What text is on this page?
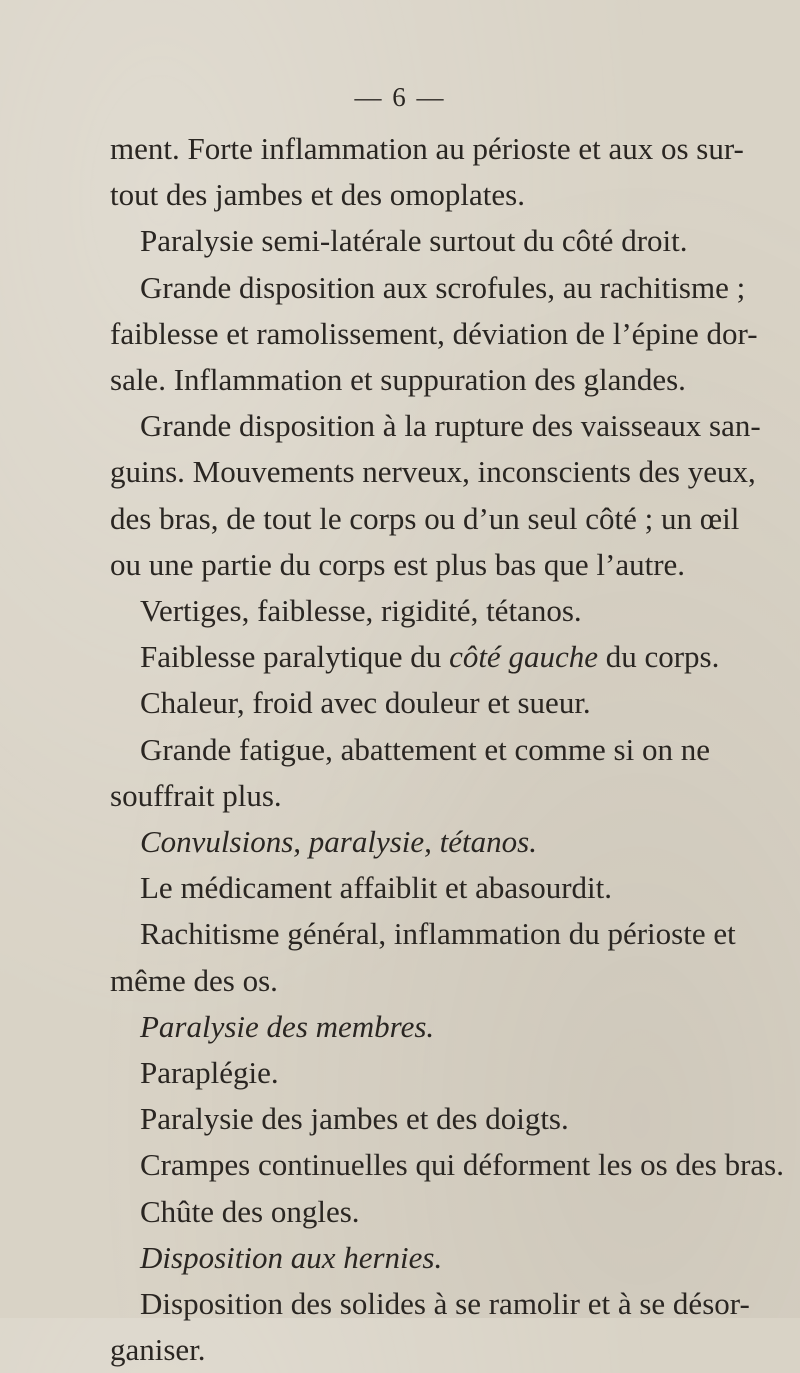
— 6 —
ment. Forte inflammation au périoste et aux os sur-
tout des jambes et des omoplates.
Paralysie semi-latérale surtout du côté droit.
Grande disposition aux scrofules, au rachitisme ;
faiblesse et ramolissement, déviation de l’épine dor-
sale. Inflammation et suppuration des glandes.
Grande disposition à la rupture des vaisseaux san-
guins. Mouvements nerveux, inconscients des yeux,
des bras, de tout le corps ou d’un seul côté ; un œil
ou une partie du corps est plus bas que l’autre.
Vertiges, faiblesse, rigidité, tétanos.
Faiblesse paralytique du côté gauche du corps.
Chaleur, froid avec douleur et sueur.
Grande fatigue, abattement et comme si on ne
souffrait plus.
Convulsions, paralysie, tétanos.
Le médicament affaiblit et abasourdit.
Rachitisme général, inflammation du périoste et
même des os.
Paralysie des membres.
Paraplégie.
Paralysie des jambes et des doigts.
Crampes continuelles qui déforment les os des bras.
Chûte des ongles.
Disposition aux hernies.
Disposition des solides à se ramolir et à se désor-
ganiser.
